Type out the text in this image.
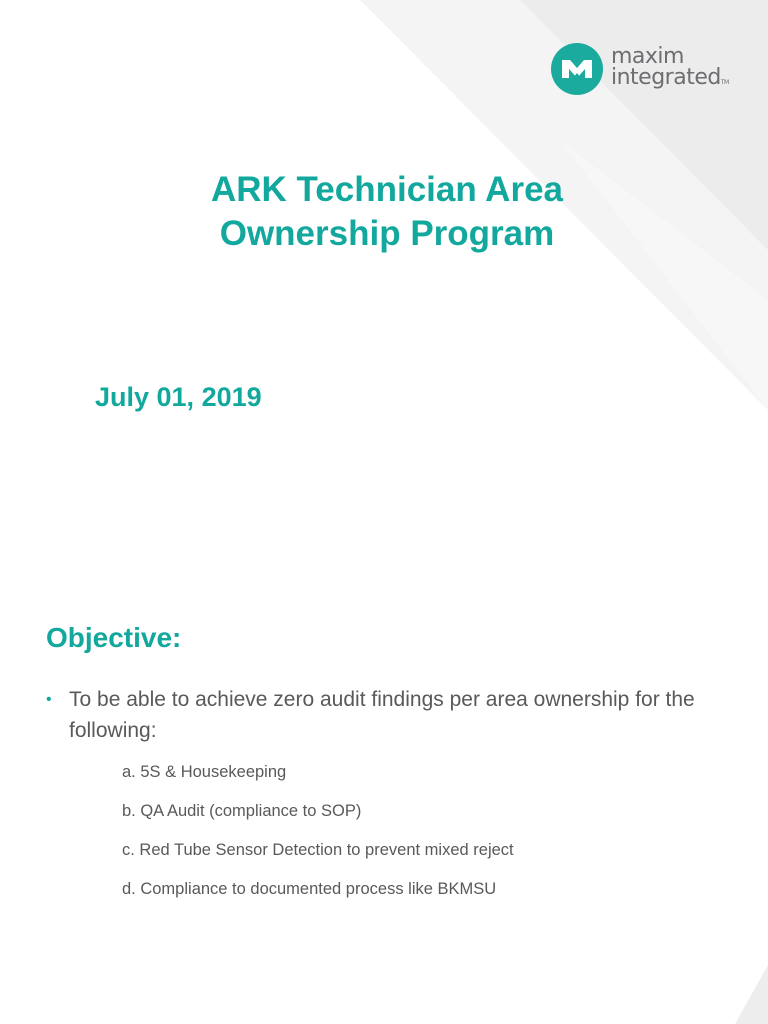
maxim
integratedTM
ARK Technician Area
Ownership Program
July 01, 2019
Objective:
• To be able to achieve zero audit findings per area ownership for the following:
a. 5S & Housekeeping
b. QA Audit (compliance to SOP)
c. Red Tube Sensor Detection to prevent mixed reject
d. Compliance to documented process like BKMSU
